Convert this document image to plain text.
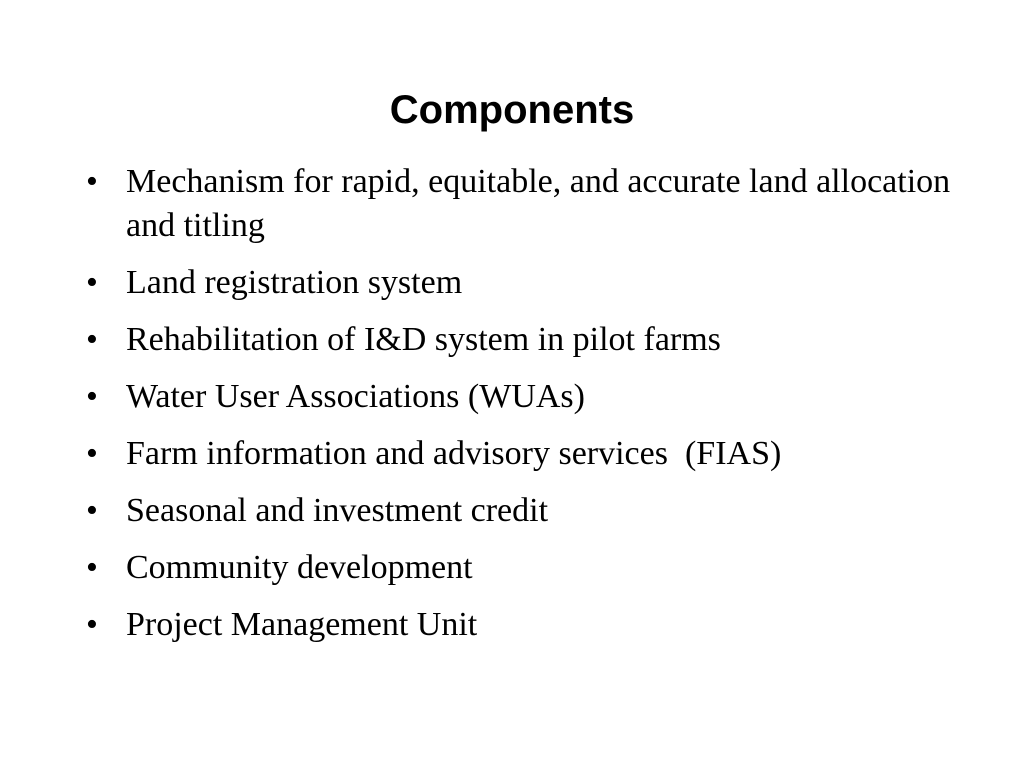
Components
• Mechanism for rapid, equitable, and accurate land allocation and titling
• Land registration system
• Rehabilitation of I&D system in pilot farms
• Water User Associations (WUAs)
• Farm information and advisory services  (FIAS)
• Seasonal and investment credit
• Community development
• Project Management Unit
